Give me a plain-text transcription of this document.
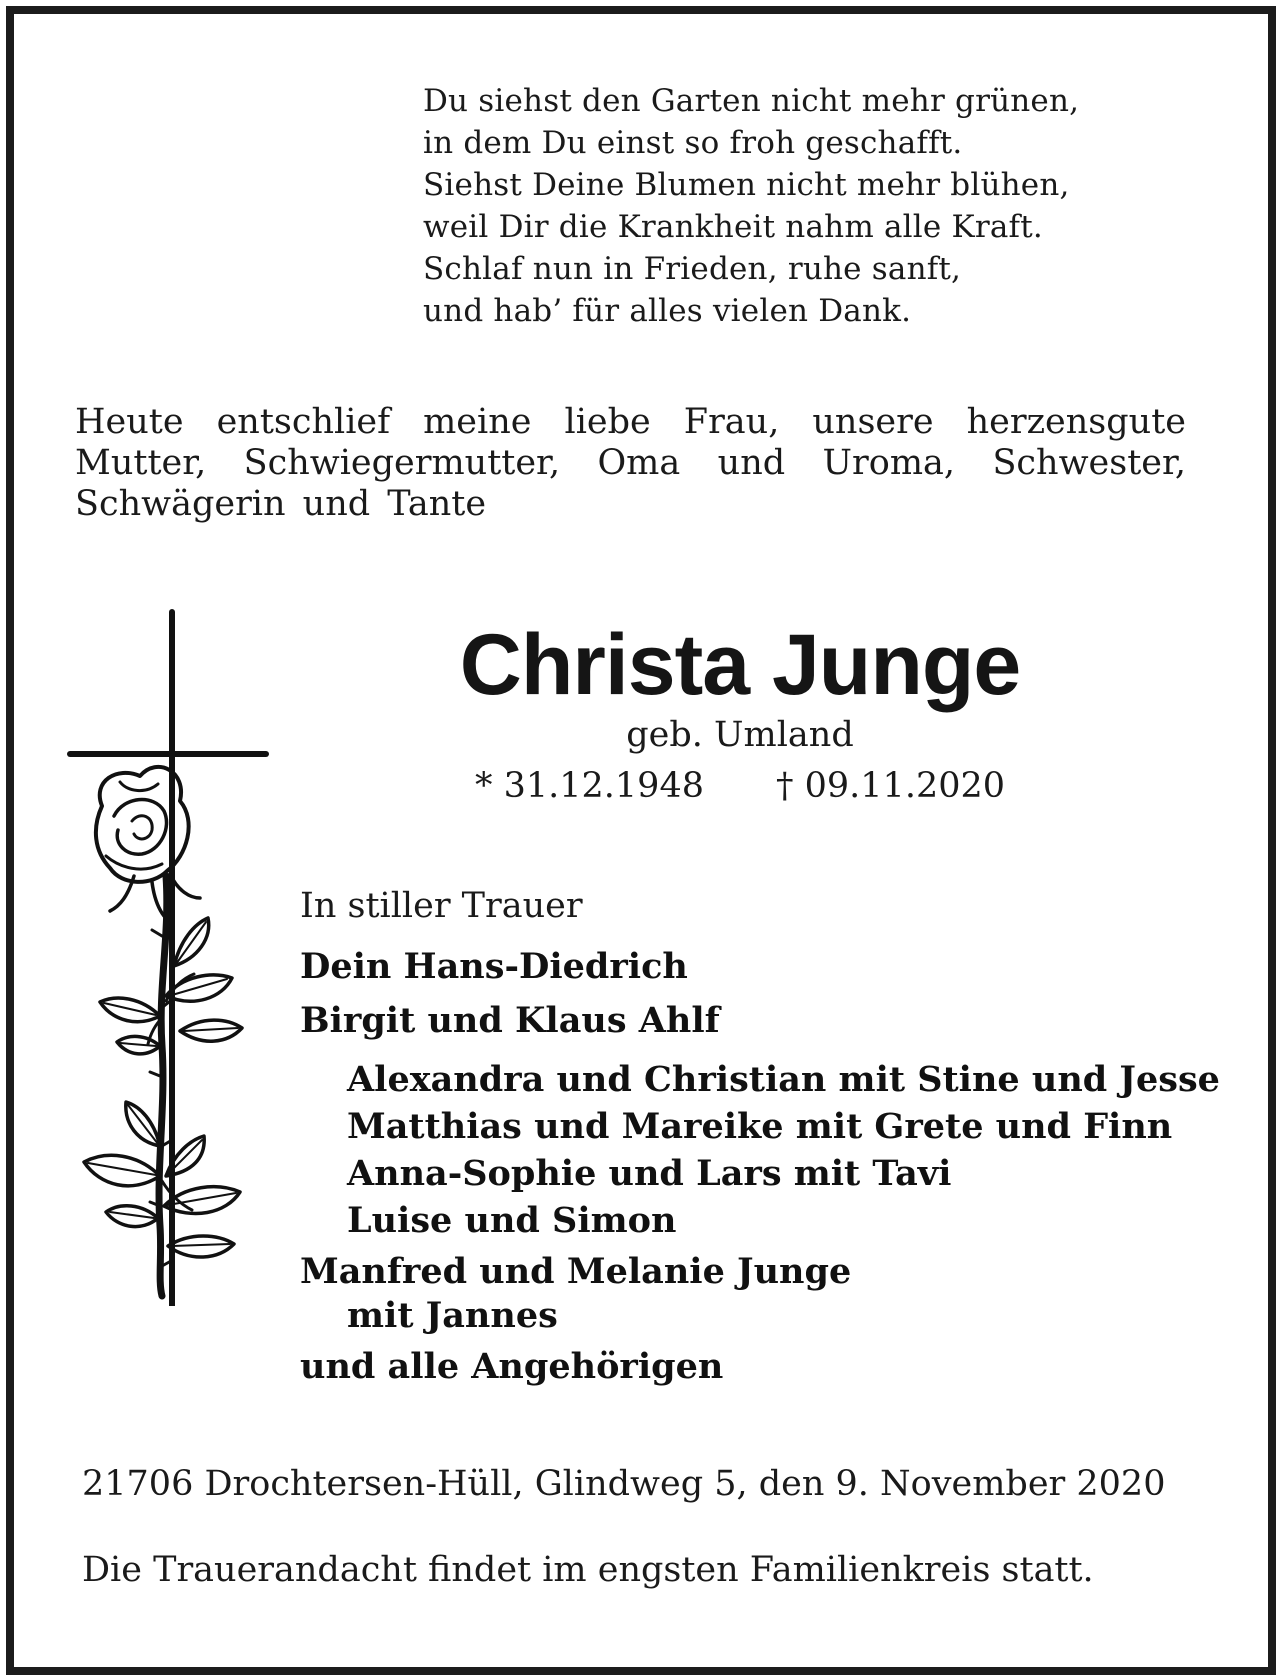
Du siehst den Garten nicht mehr grünen,
in dem Du einst so froh geschafft.
Siehst Deine Blumen nicht mehr blühen,
weil Dir die Krankheit nahm alle Kraft.
Schlaf nun in Frieden, ruhe sanft,
und hab’ für alles vielen Dank.
Heute entschlief meine liebe Frau, unsere herzensgute Mutter, Schwiegermutter, Oma und Uroma, Schwester, Schwägerin und Tante
Christa Junge
geb. Umland
* 31.12.1948 † 09.11.2020
In stiller Trauer
Dein Hans-Diedrich
Birgit und Klaus Ahlf
Alexandra und Christian mit Stine und Jesse
Matthias und Mareike mit Grete und Finn
Anna-Sophie und Lars mit Tavi
Luise und Simon
Manfred und Melanie Junge
mit Jannes
und alle Angehörigen
21706 Drochtersen-Hüll, Glindweg 5, den 9. November 2020
Die Trauerandacht findet im engsten Familienkreis statt.
